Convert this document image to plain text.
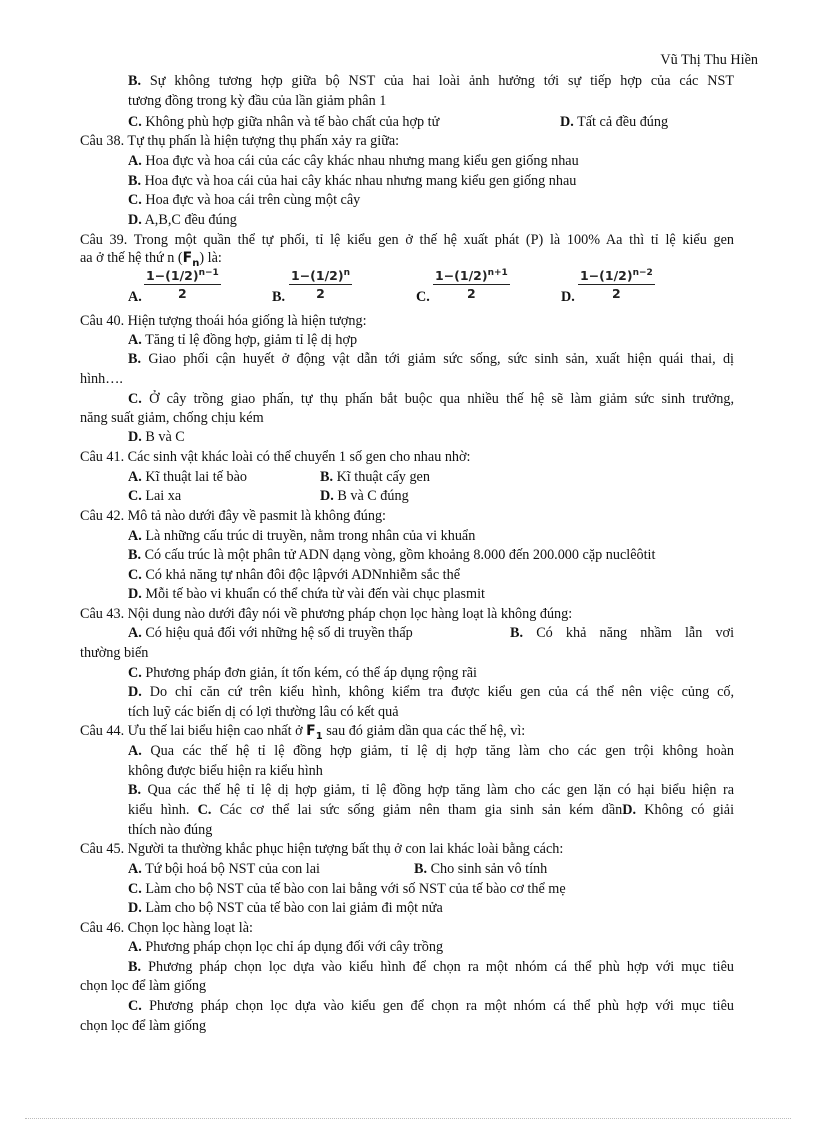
Vũ Thị Thu Hiền
B. Sự không tương hợp giữa bộ NST của hai loài ảnh hưởng tới sự tiếp hợp của các NST
tương đồng trong kỳ đầu của lần giảm phân 1
C. Không phù hợp giữa nhân và tế bào chất của hợp tử	D. Tất cả đều đúng
Câu 38. Tự thụ phấn là hiện tượng thụ phấn xảy ra giữa:
A. Hoa đực và hoa cái của các cây khác nhau nhưng mang kiểu gen giống nhau
B. Hoa đực và hoa cái của hai cây khác nhau nhưng mang kiểu gen giống nhau
C. Hoa đực và hoa cái trên cùng một cây
D. A,B,C đều đúng
Câu 39. Trong một quần thể tự phối, tỉ lệ kiểu gen ở thế hệ xuất phát (P) là 100% Aa thì tỉ lệ kiểu gen
aa ở thế hệ thứ n $(F_n)$ là:
A. $\frac{1-(1/2)^{n-1}}{2}$	B. $\frac{1-(1/2)^n}{2}$	C. $\frac{1-(1/2)^{n+1}}{2}$	D. $\frac{1-(1/2)^{n-2}}{2}$
Câu 40. Hiện tượng thoái hóa giống là hiện tượng:
A. Tăng tỉ lệ đồng hợp, giảm tỉ lệ dị hợp
B. Giao phối cận huyết ở động vật dẫn tới giảm sức sống, sức sinh sản, xuất hiện quái thai, dị
hình….
C. Ở cây trồng giao phấn, tự thụ phấn bắt buộc qua nhiều thế hệ sẽ làm giảm sức sinh trưởng,
năng suất giảm, chống chịu kém
D. B và C
Câu 41. Các sinh vật khác loài có thể chuyển 1 số gen cho nhau nhờ:
A. Kĩ thuật lai tế bào	B. Kĩ thuật cấy gen
C. Lai xa	D. B và C đúng
Câu 42. Mô tả nào dưới đây về pasmit là không đúng:
A. Là những cấu trúc di truyền, nằm trong nhân của vi khuẩn
B. Có cấu trúc là một phân tử ADN dạng vòng, gồm khoảng 8.000 đến 200.000 cặp nuclêôtit
C. Có khả năng tự nhân đôi độc lậpvới ADNnhiễm sắc thể
D. Mỗi tế bào vi khuẩn có thể chứa từ vài đến vài chục plasmit
Câu 43. Nội dung nào dưới đây nói về phương pháp chọn lọc hàng loạt là không đúng:
A. Có hiệu quả đối với những hệ số di truyền thấp	B. Có khả năng nhầm lẫn vơi
thường biến
C. Phương pháp đơn giản, ít tốn kém, có thể áp dụng rộng rãi
D. Do chỉ căn cứ trên kiểu hình, không kiểm tra được kiểu gen của cá thể nên việc củng cố,
tích luỹ các biến dị có lợi thường lâu có kết quả
Câu 44. Ưu thế lai biểu hiện cao nhất ở $F_1$ sau đó giảm dần qua các thế hệ, vì:
A. Qua các thế hệ tỉ lệ đồng hợp giảm, tỉ lệ dị hợp tăng làm cho các gen trội không hoàn
không được biểu hiện ra kiểu hình
B. Qua các thế hệ tỉ lệ dị hợp giảm, tỉ lệ đồng hợp tăng làm cho các gen lặn có hại biểu hiện ra
kiểu hình. C. Các cơ thể lai sức sống giảm nên tham gia sinh sản kém dầnD. Không có giải
thích nào đúng
Câu 45. Người ta thường khắc phục hiện tượng bất thụ ở con lai khác loài bằng cách:
A. Tứ bội hoá bộ NST của con lai	B. Cho sinh sản vô tính
C. Làm cho bộ NST của tế bào con lai bằng với số NST của tế bào cơ thể mẹ
D. Làm cho bộ NST của tế bào con lai giảm đi một nửa
Câu 46. Chọn lọc hàng loạt là:
A. Phương pháp chọn lọc chỉ áp dụng đối với cây trồng
B. Phương pháp chọn lọc dựa vào kiểu hình để chọn ra một nhóm cá thể phù hợp với mục tiêu
chọn lọc để làm giống
C. Phương pháp chọn lọc dựa vào kiểu gen để chọn ra một nhóm cá thể phù hợp với mục tiêu
chọn lọc để làm giống
